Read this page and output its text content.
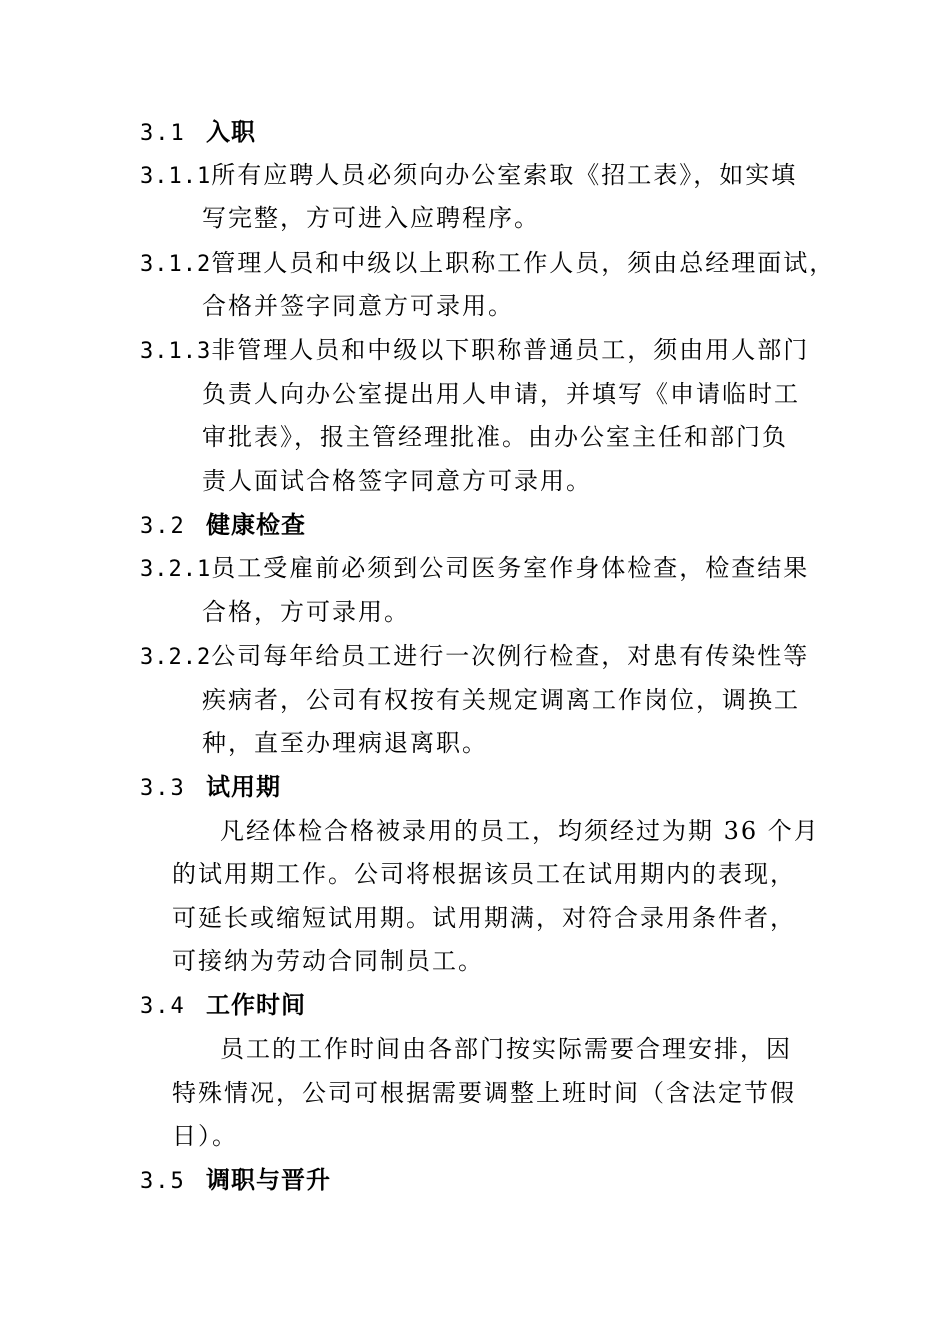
3.1 入职
3.1.1所有应聘人员必须向办公室索取《招工表》，如实填
写完整，方可进入应聘程序。
3.1.2管理人员和中级以上职称工作人员，须由总经理面试，
合格并签字同意方可录用。
3.1.3非管理人员和中级以下职称普通员工，须由用人部门
负责人向办公室提出用人申请，并填写《申请临时工
审批表》，报主管经理批准。由办公室主任和部门负
责人面试合格签字同意方可录用。
3.2 健康检查
3.2.1员工受雇前必须到公司医务室作身体检查，检查结果
合格，方可录用。
3.2.2公司每年给员工进行一次例行检查，对患有传染性等
疾病者，公司有权按有关规定调离工作岗位，调换工
种，直至办理病退离职。
3.3 试用期
凡经体检合格被录用的员工，均须经过为期 36 个月
的试用期工作。公司将根据该员工在试用期内的表现，
可延长或缩短试用期。试用期满，对符合录用条件者，
可接纳为劳动合同制员工。
3.4 工作时间
员工的工作时间由各部门按实际需要合理安排，因
特殊情况，公司可根据需要调整上班时间（含法定节假
日）。
3.5 调职与晋升
